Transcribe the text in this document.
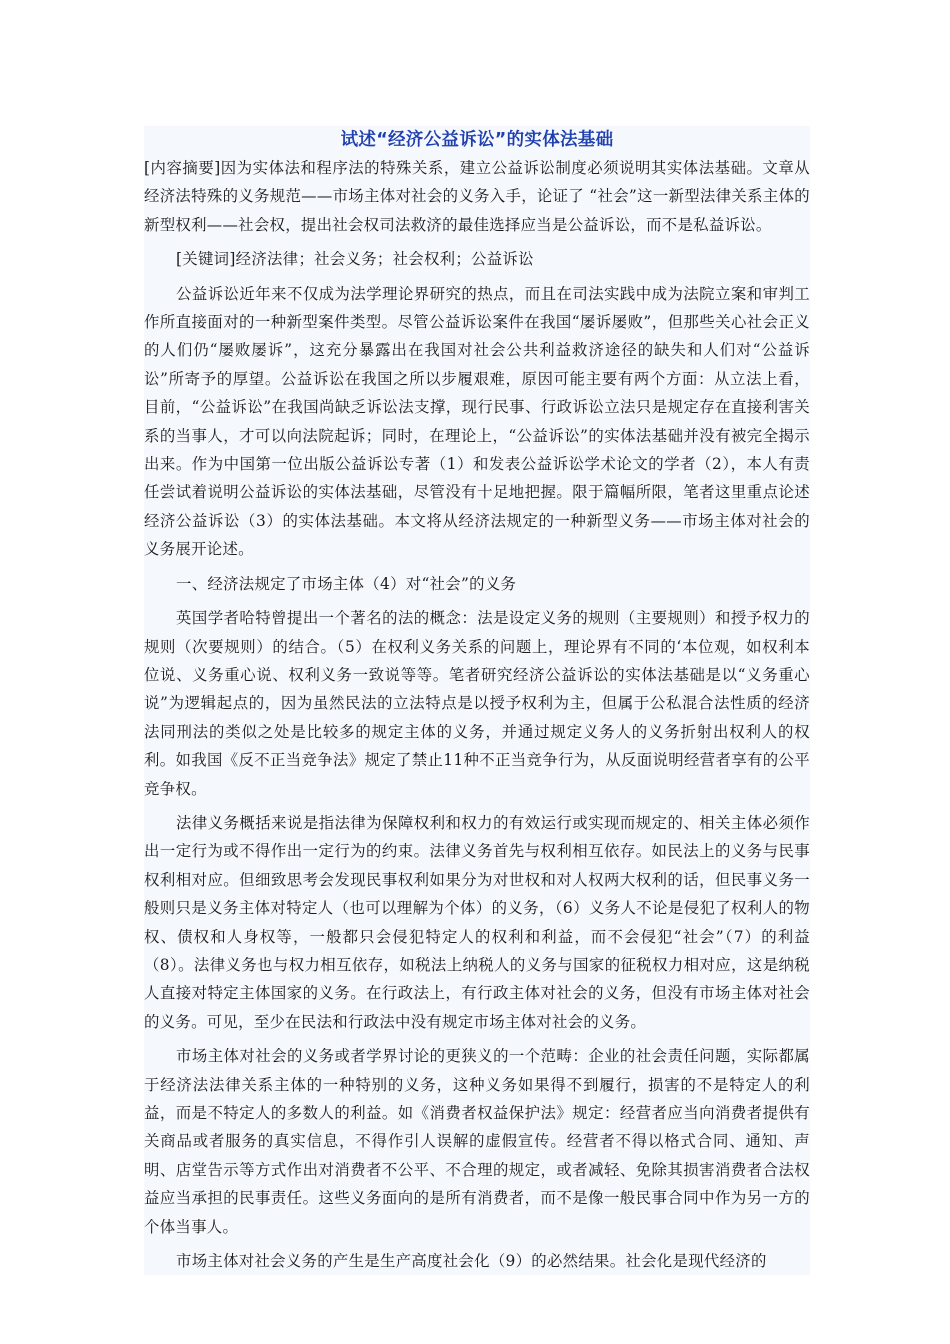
试述“经济公益诉讼”的实体法基础

[内容摘要]因为实体法和程序法的特殊关系，建立公益诉讼制度必须说明其实体法基础。文章从经济法特殊的义务规范——市场主体对社会的义务入手，论证了 “社会”这一新型法律关系主体的新型权利——社会权，提出社会权司法救济的最佳选择应当是公益诉讼，而不是私益诉讼。

[关键词]经济法律；社会义务；社会权利；公益诉讼

公益诉讼近年来不仅成为法学理论界研究的热点，而且在司法实践中成为法院立案和审判工作所直接面对的一种新型案件类型。尽管公益诉讼案件在我国“屡诉屡败”，但那些关心社会正义的人们仍“屡败屡诉”，这充分暴露出在我国对社会公共利益救济途径的缺失和人们对“公益诉讼”所寄予的厚望。公益诉讼在我国之所以步履艰难，原因可能主要有两个方面：从立法上看，目前，“公益诉讼”在我国尚缺乏诉讼法支撑，现行民事、行政诉讼立法只是规定存在直接利害关系的当事人，才可以向法院起诉；同时，在理论上，“公益诉讼”的实体法基础并没有被完全揭示出来。作为中国第一位出版公益诉讼专著（1）和发表公益诉讼学术论文的学者（2），本人有责任尝试着说明公益诉讼的实体法基础，尽管没有十足地把握。限于篇幅所限，笔者这里重点论述经济公益诉讼（3）的实体法基础。本文将从经济法规定的一种新型义务——市场主体对社会的义务展开论述。

一、经济法规定了市场主体（4）对“社会”的义务

英国学者哈特曾提出一个著名的法的概念：法是设定义务的规则（主要规则）和授予权力的规则（次要规则）的结合。（5）在权利义务关系的问题上，理论界有不同的‘本位观，如权利本位说、义务重心说、权利义务一致说等等。笔者研究经济公益诉讼的实体法基础是以“义务重心说”为逻辑起点的，因为虽然民法的立法特点是以授予权利为主，但属于公私混合法性质的经济法同刑法的类似之处是比较多的规定主体的义务，并通过规定义务人的义务折射出权利人的权利。如我国《反不正当竞争法》规定了禁止11种不正当竞争行为，从反面说明经营者享有的公平竞争权。

法律义务概括来说是指法律为保障权利和权力的有效运行或实现而规定的、相关主体必须作出一定行为或不得作出一定行为的约束。法律义务首先与权利相互依存。如民法上的义务与民事权利相对应。但细致思考会发现民事权利如果分为对世权和对人权两大权利的话，但民事义务一般则只是义务主体对特定人（也可以理解为个体）的义务，（6）义务人不论是侵犯了权利人的物权、债权和人身权等，一般都只会侵犯特定人的权利和利益，而不会侵犯“社会”（7）的利益（8）。法律义务也与权力相互依存，如税法上纳税人的义务与国家的征税权力相对应，这是纳税人直接对特定主体国家的义务。在行政法上，有行政主体对社会的义务，但没有市场主体对社会的义务。可见，至少在民法和行政法中没有规定市场主体对社会的义务。

市场主体对社会的义务或者学界讨论的更狭义的一个范畴：企业的社会责任问题，实际都属于经济法法律关系主体的一种特别的义务，这种义务如果得不到履行，损害的不是特定人的利益，而是不特定人的多数人的利益。如《消费者权益保护法》规定：经营者应当向消费者提供有关商品或者服务的真实信息，不得作引人误解的虚假宣传。经营者不得以格式合同、通知、声明、店堂告示等方式作出对消费者不公平、不合理的规定，或者减轻、免除其损害消费者合法权益应当承担的民事责任。这些义务面向的是所有消费者，而不是像一般民事合同中作为另一方的个体当事人。

市场主体对社会义务的产生是生产高度社会化（9）的必然结果。社会化是现代经济的
